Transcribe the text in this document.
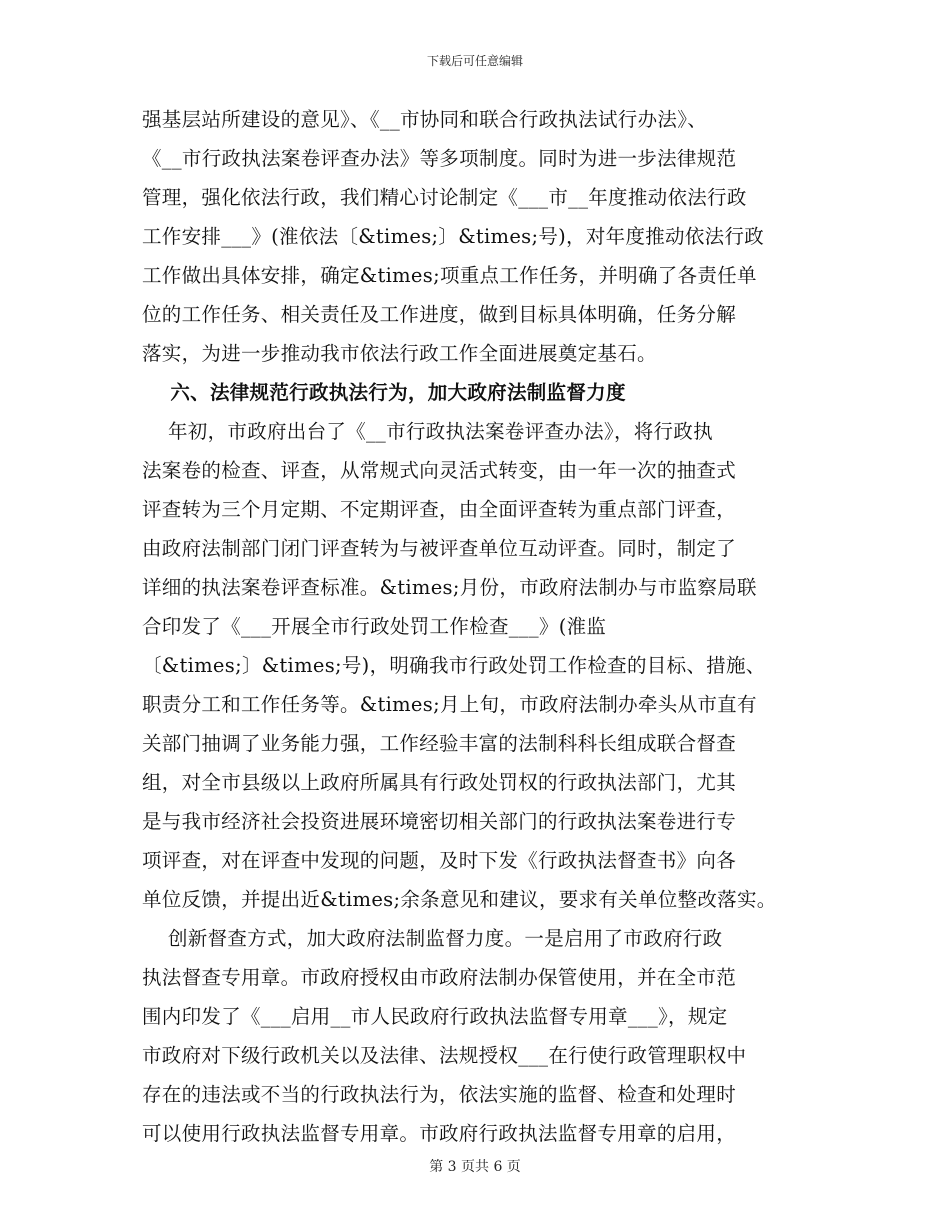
下载后可任意编辑
强基层站所建设的意见》、《__市协同和联合行政执法试行办法》、
《__市行政执法案卷评查办法》等多项制度。同时为进一步法律规范
管理，强化依法行政，我们精心讨论制定《___市__年度推动依法行政
工作安排___》(淮依法〔&times;〕&times;号)，对年度推动依法行政
工作做出具体安排，确定&times;项重点工作任务，并明确了各责任单
位的工作任务、相关责任及工作进度，做到目标具体明确，任务分解
落实，为进一步推动我市依法行政工作全面进展奠定基石。
六、法律规范行政执法行为，加大政府法制监督力度
年初，市政府出台了《__市行政执法案卷评查办法》，将行政执
法案卷的检查、评查，从常规式向灵活式转变，由一年一次的抽查式
评查转为三个月定期、不定期评查，由全面评查转为重点部门评查，
由政府法制部门闭门评查转为与被评查单位互动评查。同时，制定了
详细的执法案卷评查标准。&times;月份，市政府法制办与市监察局联
合印发了《___开展全市行政处罚工作检查___》(淮监
〔&times;〕&times;号)，明确我市行政处罚工作检查的目标、措施、
职责分工和工作任务等。&times;月上旬，市政府法制办牵头从市直有
关部门抽调了业务能力强，工作经验丰富的法制科科长组成联合督查
组，对全市县级以上政府所属具有行政处罚权的行政执法部门，尤其
是与我市经济社会投资进展环境密切相关部门的行政执法案卷进行专
项评查，对在评查中发现的问题，及时下发《行政执法督查书》向各
单位反馈，并提出近&times;余条意见和建议，要求有关单位整改落实。
创新督查方式，加大政府法制监督力度。一是启用了市政府行政
执法督查专用章。市政府授权由市政府法制办保管使用，并在全市范
围内印发了《___启用__市人民政府行政执法监督专用章___》，规定
市政府对下级行政机关以及法律、法规授权___在行使行政管理职权中
存在的违法或不当的行政执法行为，依法实施的监督、检查和处理时
可以使用行政执法监督专用章。市政府行政执法监督专用章的启用，
第 3 页共 6 页
